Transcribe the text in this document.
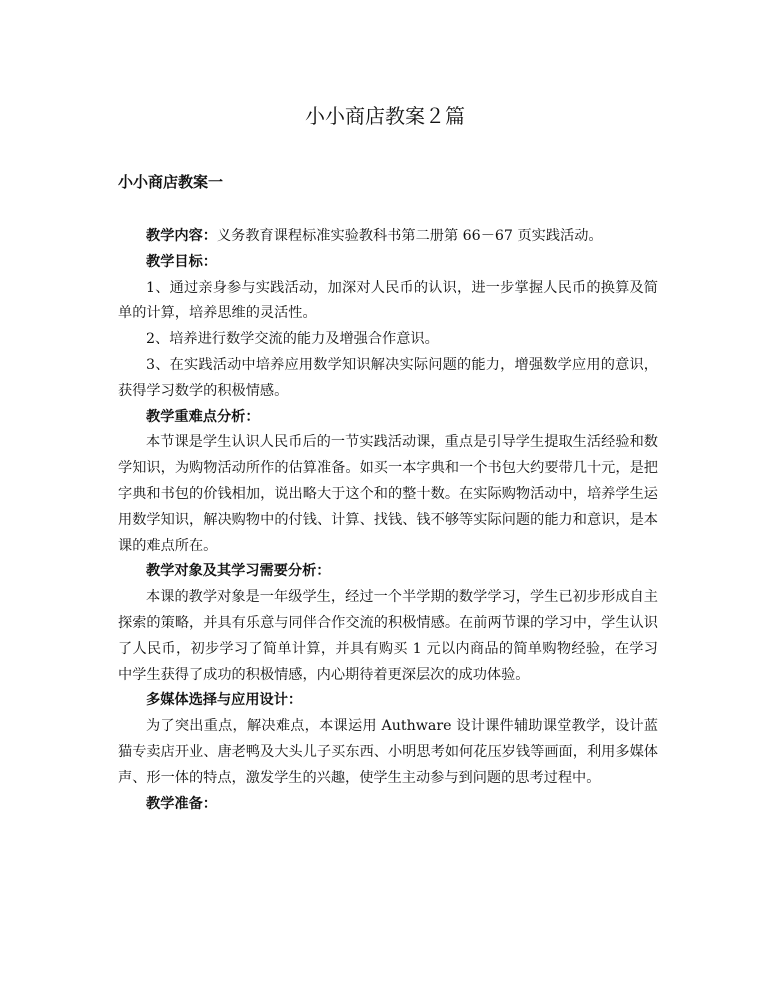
小小商店教案２篇
小小商店教案一

教学内容：义务教育课程标准实验教科书第二册第 66－67 页实践活动。

教学目标：

1、通过亲身参与实践活动，加深对人民币的认识，进一步掌握人民币的换算及简单的计算，培养思维的灵活性。

2、培养进行数学交流的能力及增强合作意识。

3、在实践活动中培养应用数学知识解决实际问题的能力，增强数学应用的意识，获得学习数学的积极情感。

教学重难点分析：

本节课是学生认识人民币后的一节实践活动课，重点是引导学生提取生活经验和数学知识，为购物活动所作的估算准备。如买一本字典和一个书包大约要带几十元，是把字典和书包的价钱相加，说出略大于这个和的整十数。在实际购物活动中，培养学生运用数学知识，解决购物中的付钱、计算、找钱、钱不够等实际问题的能力和意识，是本课的难点所在。

教学对象及其学习需要分析：

本课的教学对象是一年级学生，经过一个半学期的数学学习，学生已初步形成自主探索的策略，并具有乐意与同伴合作交流的积极情感。在前两节课的学习中，学生认识了人民币，初步学习了简单计算，并具有购买 1 元以内商品的简单购物经验，在学习中学生获得了成功的积极情感，内心期待着更深层次的成功体验。

多媒体选择与应用设计：

为了突出重点，解决难点，本课运用 Authware 设计课件辅助课堂教学，设计蓝猫专卖店开业、唐老鸭及大头儿子买东西、小明思考如何花压岁钱等画面，利用多媒体声、形一体的特点，激发学生的兴趣，使学生主动参与到问题的思考过程中。

教学准备：
